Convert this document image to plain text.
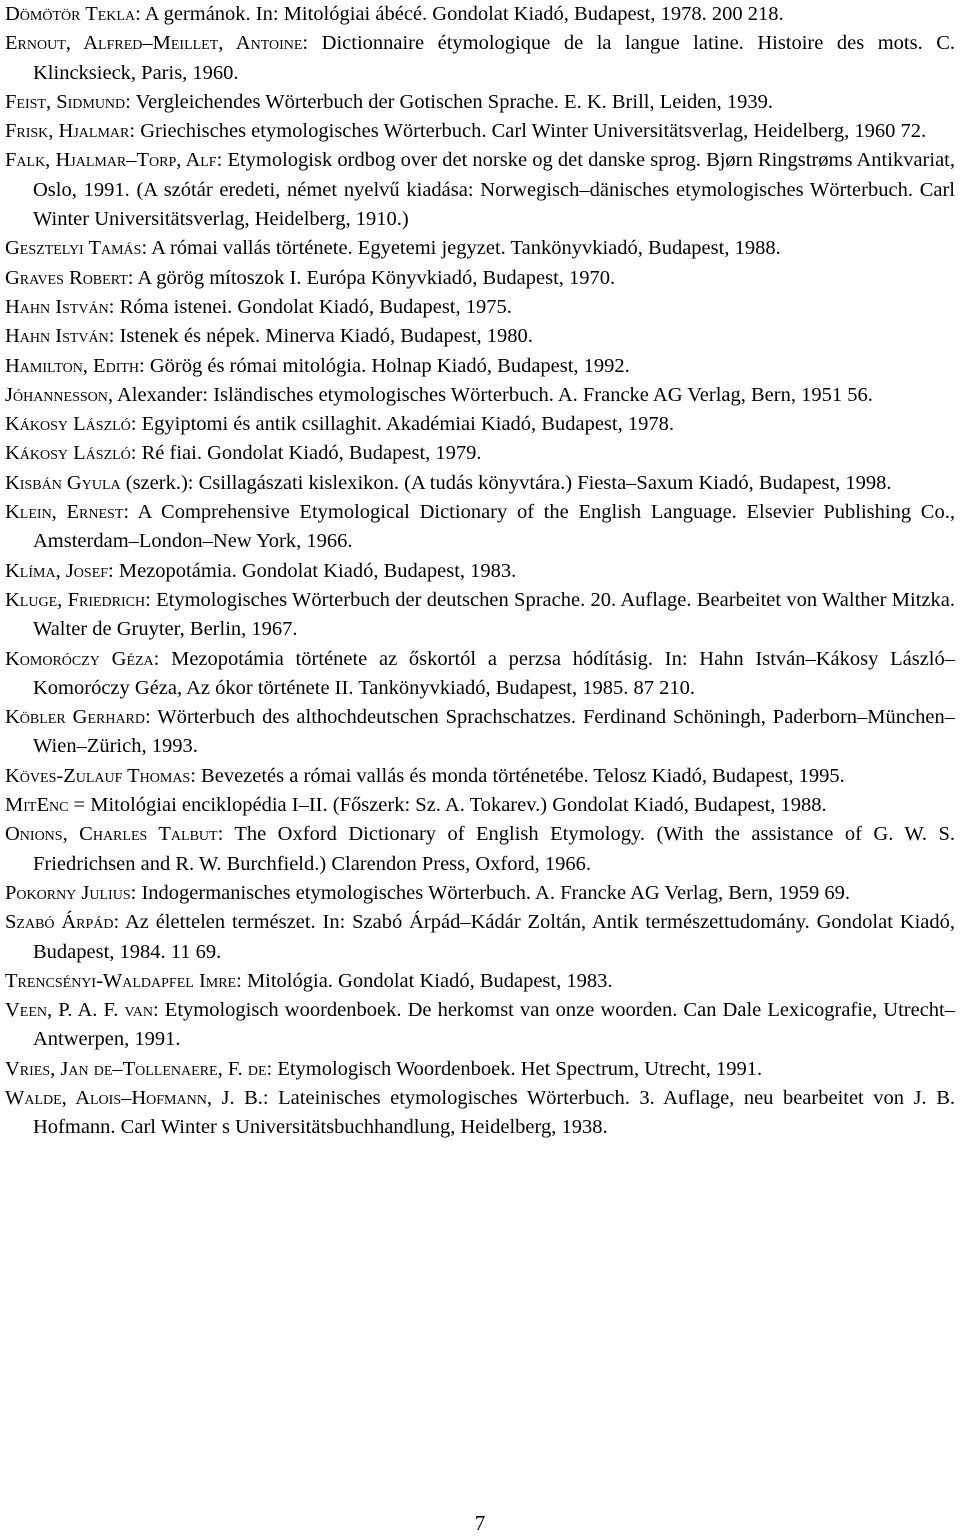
Dömötör Tekla: A germánok. In: Mitológiai ábécé. Gondolat Kiadó, Budapest, 1978. 200 218.
Ernout, Alfred–Meillet, Antoine: Dictionnaire étymologique de la langue latine. Histoire des mots. C. Klincksieck, Paris, 1960.
Feist, Sidmund: Vergleichendes Wörterbuch der Gotischen Sprache. E. K. Brill, Leiden, 1939.
Frisk, Hjalmar: Griechisches etymologisches Wörterbuch. Carl Winter Universitätsverlag, Heidelberg, 1960 72.
Falk, Hjalmar–Torp, Alf: Etymologisk ordbog over det norske og det danske sprog. Bjørn Ringstrøms Antikvariat, Oslo, 1991. (A szótár eredeti, német nyelvű kiadása: Norwegisch–dänisches etymologisches Wörterbuch. Carl Winter Universitätsverlag, Heidelberg, 1910.)
Gesztelyi Tamás: A római vallás története. Egyetemi jegyzet. Tankönyvkiadó, Budapest, 1988.
Graves Robert: A görög mítoszok I. Európa Könyvkiadó, Budapest, 1970.
Hahn István: Róma istenei. Gondolat Kiadó, Budapest, 1975.
Hahn István: Istenek és népek. Minerva Kiadó, Budapest, 1980.
Hamilton, Edith: Görög és római mitológia. Holnap Kiadó, Budapest, 1992.
Jóhannesson, Alexander: Isländisches etymologisches Wörterbuch. A. Francke AG Verlag, Bern, 1951 56.
Kákosy László: Egyiptomi és antik csillaghit. Akadémiai Kiadó, Budapest, 1978.
Kákosy László: Ré fiai. Gondolat Kiadó, Budapest, 1979.
Kisbán Gyula (szerk.): Csillagászati kislexikon. (A tudás könyvtára.) Fiesta–Saxum Kiadó, Budapest, 1998.
Klein, Ernest: A Comprehensive Etymological Dictionary of the English Language. Elsevier Publishing Co., Amsterdam–London–New York, 1966.
Klíma, Josef: Mezopotámia. Gondolat Kiadó, Budapest, 1983.
Kluge, Friedrich: Etymologisches Wörterbuch der deutschen Sprache. 20. Auflage. Bearbeitet von Walther Mitzka. Walter de Gruyter, Berlin, 1967.
Komoróczy Géza: Mezopotámia története az őskortól a perzsa hódításig. In: Hahn István–Kákosy László–Komoróczy Géza, Az ókor története II. Tankönyvkiadó, Budapest, 1985. 87 210.
Köbler Gerhard: Wörterbuch des althochdeutschen Sprachschatzes. Ferdinand Schöningh, Paderborn–München–Wien–Zürich, 1993.
Köves-Zulauf Thomas: Bevezetés a római vallás és monda történetébe. Telosz Kiadó, Budapest, 1995.
MitEnc = Mitológiai enciklopédia I–II. (Főszerk: Sz. A. Tokarev.) Gondolat Kiadó, Budapest, 1988.
Onions, Charles Talbut: The Oxford Dictionary of English Etymology. (With the assistance of G. W. S. Friedrichsen and R. W. Burchfield.) Clarendon Press, Oxford, 1966.
Pokorny Julius: Indogermanisches etymologisches Wörterbuch. A. Francke AG Verlag, Bern, 1959 69.
Szabó Árpád: Az élettelen természet. In: Szabó Árpád–Kádár Zoltán, Antik természettudomány. Gondolat Kiadó, Budapest, 1984. 11 69.
Trencsényi-Waldapfel Imre: Mitológia. Gondolat Kiadó, Budapest, 1983.
Veen, P. A. F. van: Etymologisch woordenboek. De herkomst van onze woorden. Can Dale Lexicografie, Utrecht–Antwerpen, 1991.
Vries, Jan de–Tollenaere, F. de: Etymologisch Woordenboek. Het Spectrum, Utrecht, 1991.
Walde, Alois–Hofmann, J. B.: Lateinisches etymologisches Wörterbuch. 3. Auflage, neu bearbeitet von J. B. Hofmann. Carl Winter s Universitätsbuchhandlung, Heidelberg, 1938.
7
